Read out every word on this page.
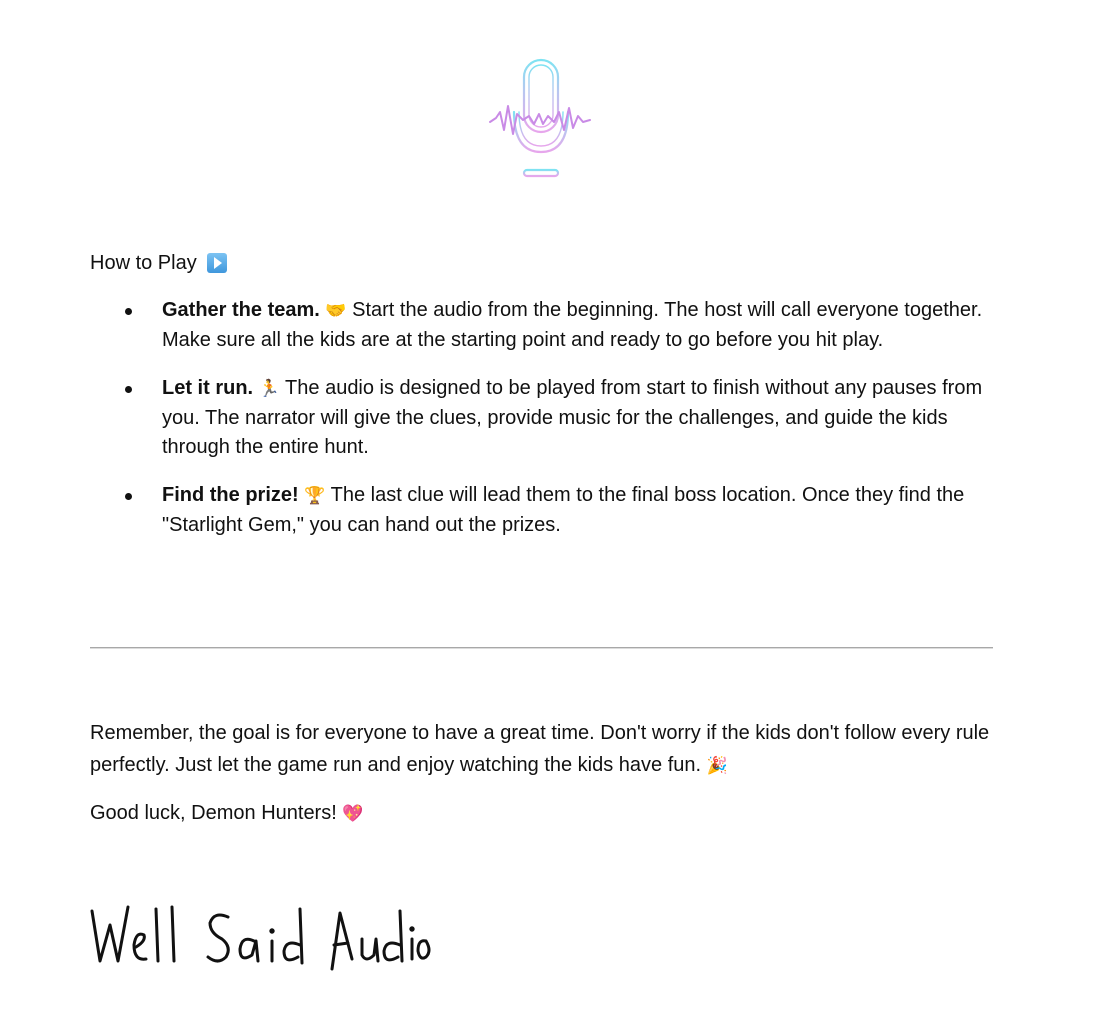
How to Play
Gather the team. 🤝 Start the audio from the beginning. The host will call everyone together. Make sure all the kids are at the starting point and ready to go before you hit play.
Let it run. 🏃 The audio is designed to be played from start to finish without any pauses from you. The narrator will give the clues, provide music for the challenges, and guide the kids through the entire hunt.
Find the prize! 🏆 The last clue will lead them to the final boss location. Once they find the "Starlight Gem," you can hand out the prizes.

Remember, the goal is for everyone to have a great time. Don't worry if the kids don't follow every rule perfectly. Just let the game run and enjoy watching the kids have fun. 🎉

Good luck, Demon Hunters! 💖
